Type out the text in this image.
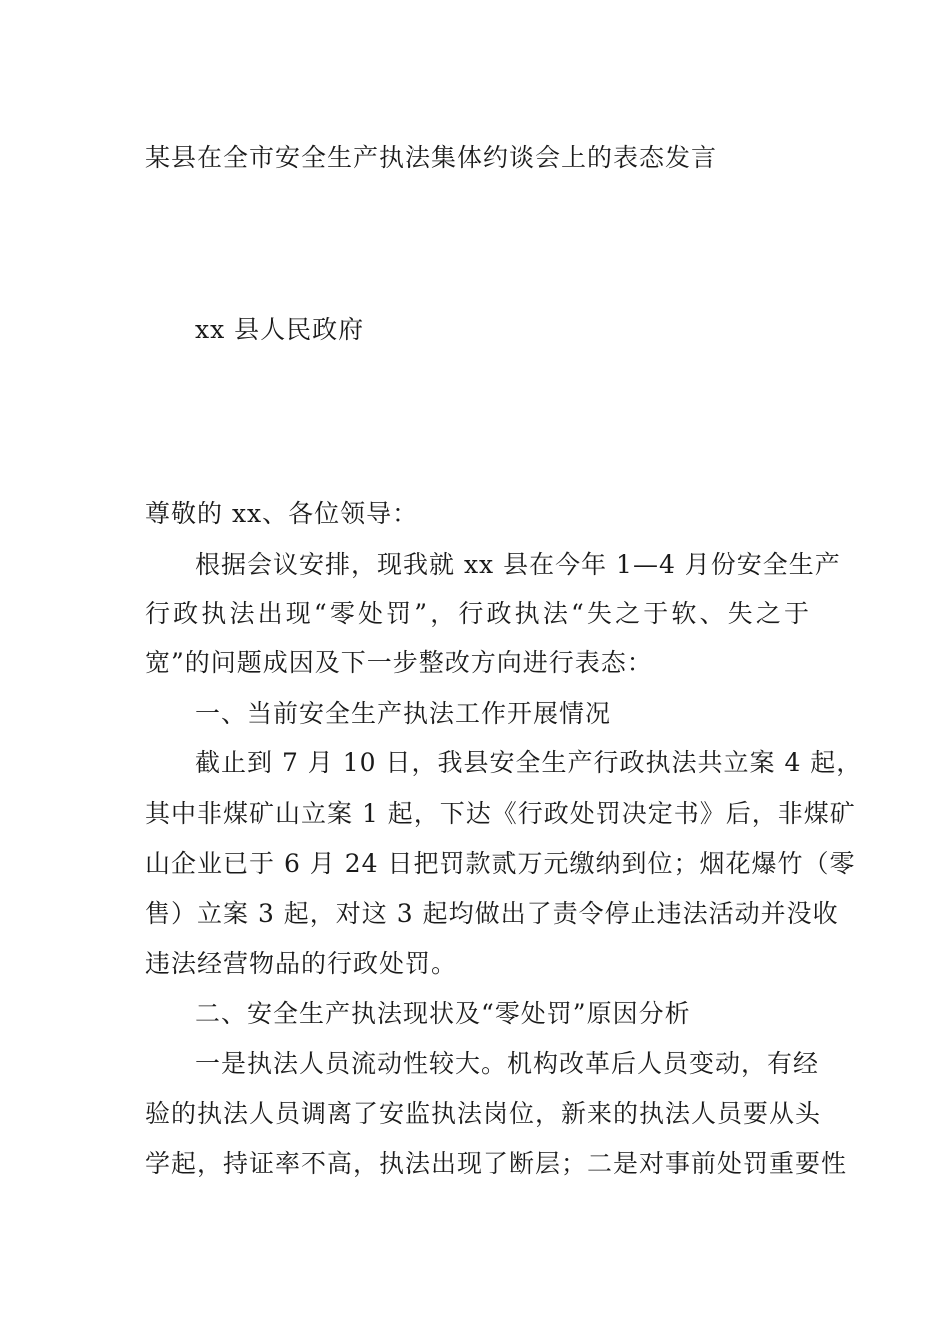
某县在全市安全生产执法集体约谈会上的表态发言
xx 县人民政府
尊敬的 xx、各位领导：
根据会议安排，现我就 xx 县在今年 1—4 月份安全生产
行政执法出现“零处罚”，行政执法“失之于软、失之于
宽”的问题成因及下一步整改方向进行表态：
一、当前安全生产执法工作开展情况
截止到 7 月 10 日，我县安全生产行政执法共立案 4 起，
其中非煤矿山立案 1 起，下达《行政处罚决定书》后，非煤矿
山企业已于 6 月 24 日把罚款贰万元缴纳到位；烟花爆竹（零
售）立案 3 起，对这 3 起均做出了责令停止违法活动并没收
违法经营物品的行政处罚。
二、安全生产执法现状及“零处罚”原因分析
一是执法人员流动性较大。机构改革后人员变动，有经
验的执法人员调离了安监执法岗位，新来的执法人员要从头
学起，持证率不高，执法出现了断层；二是对事前处罚重要性
